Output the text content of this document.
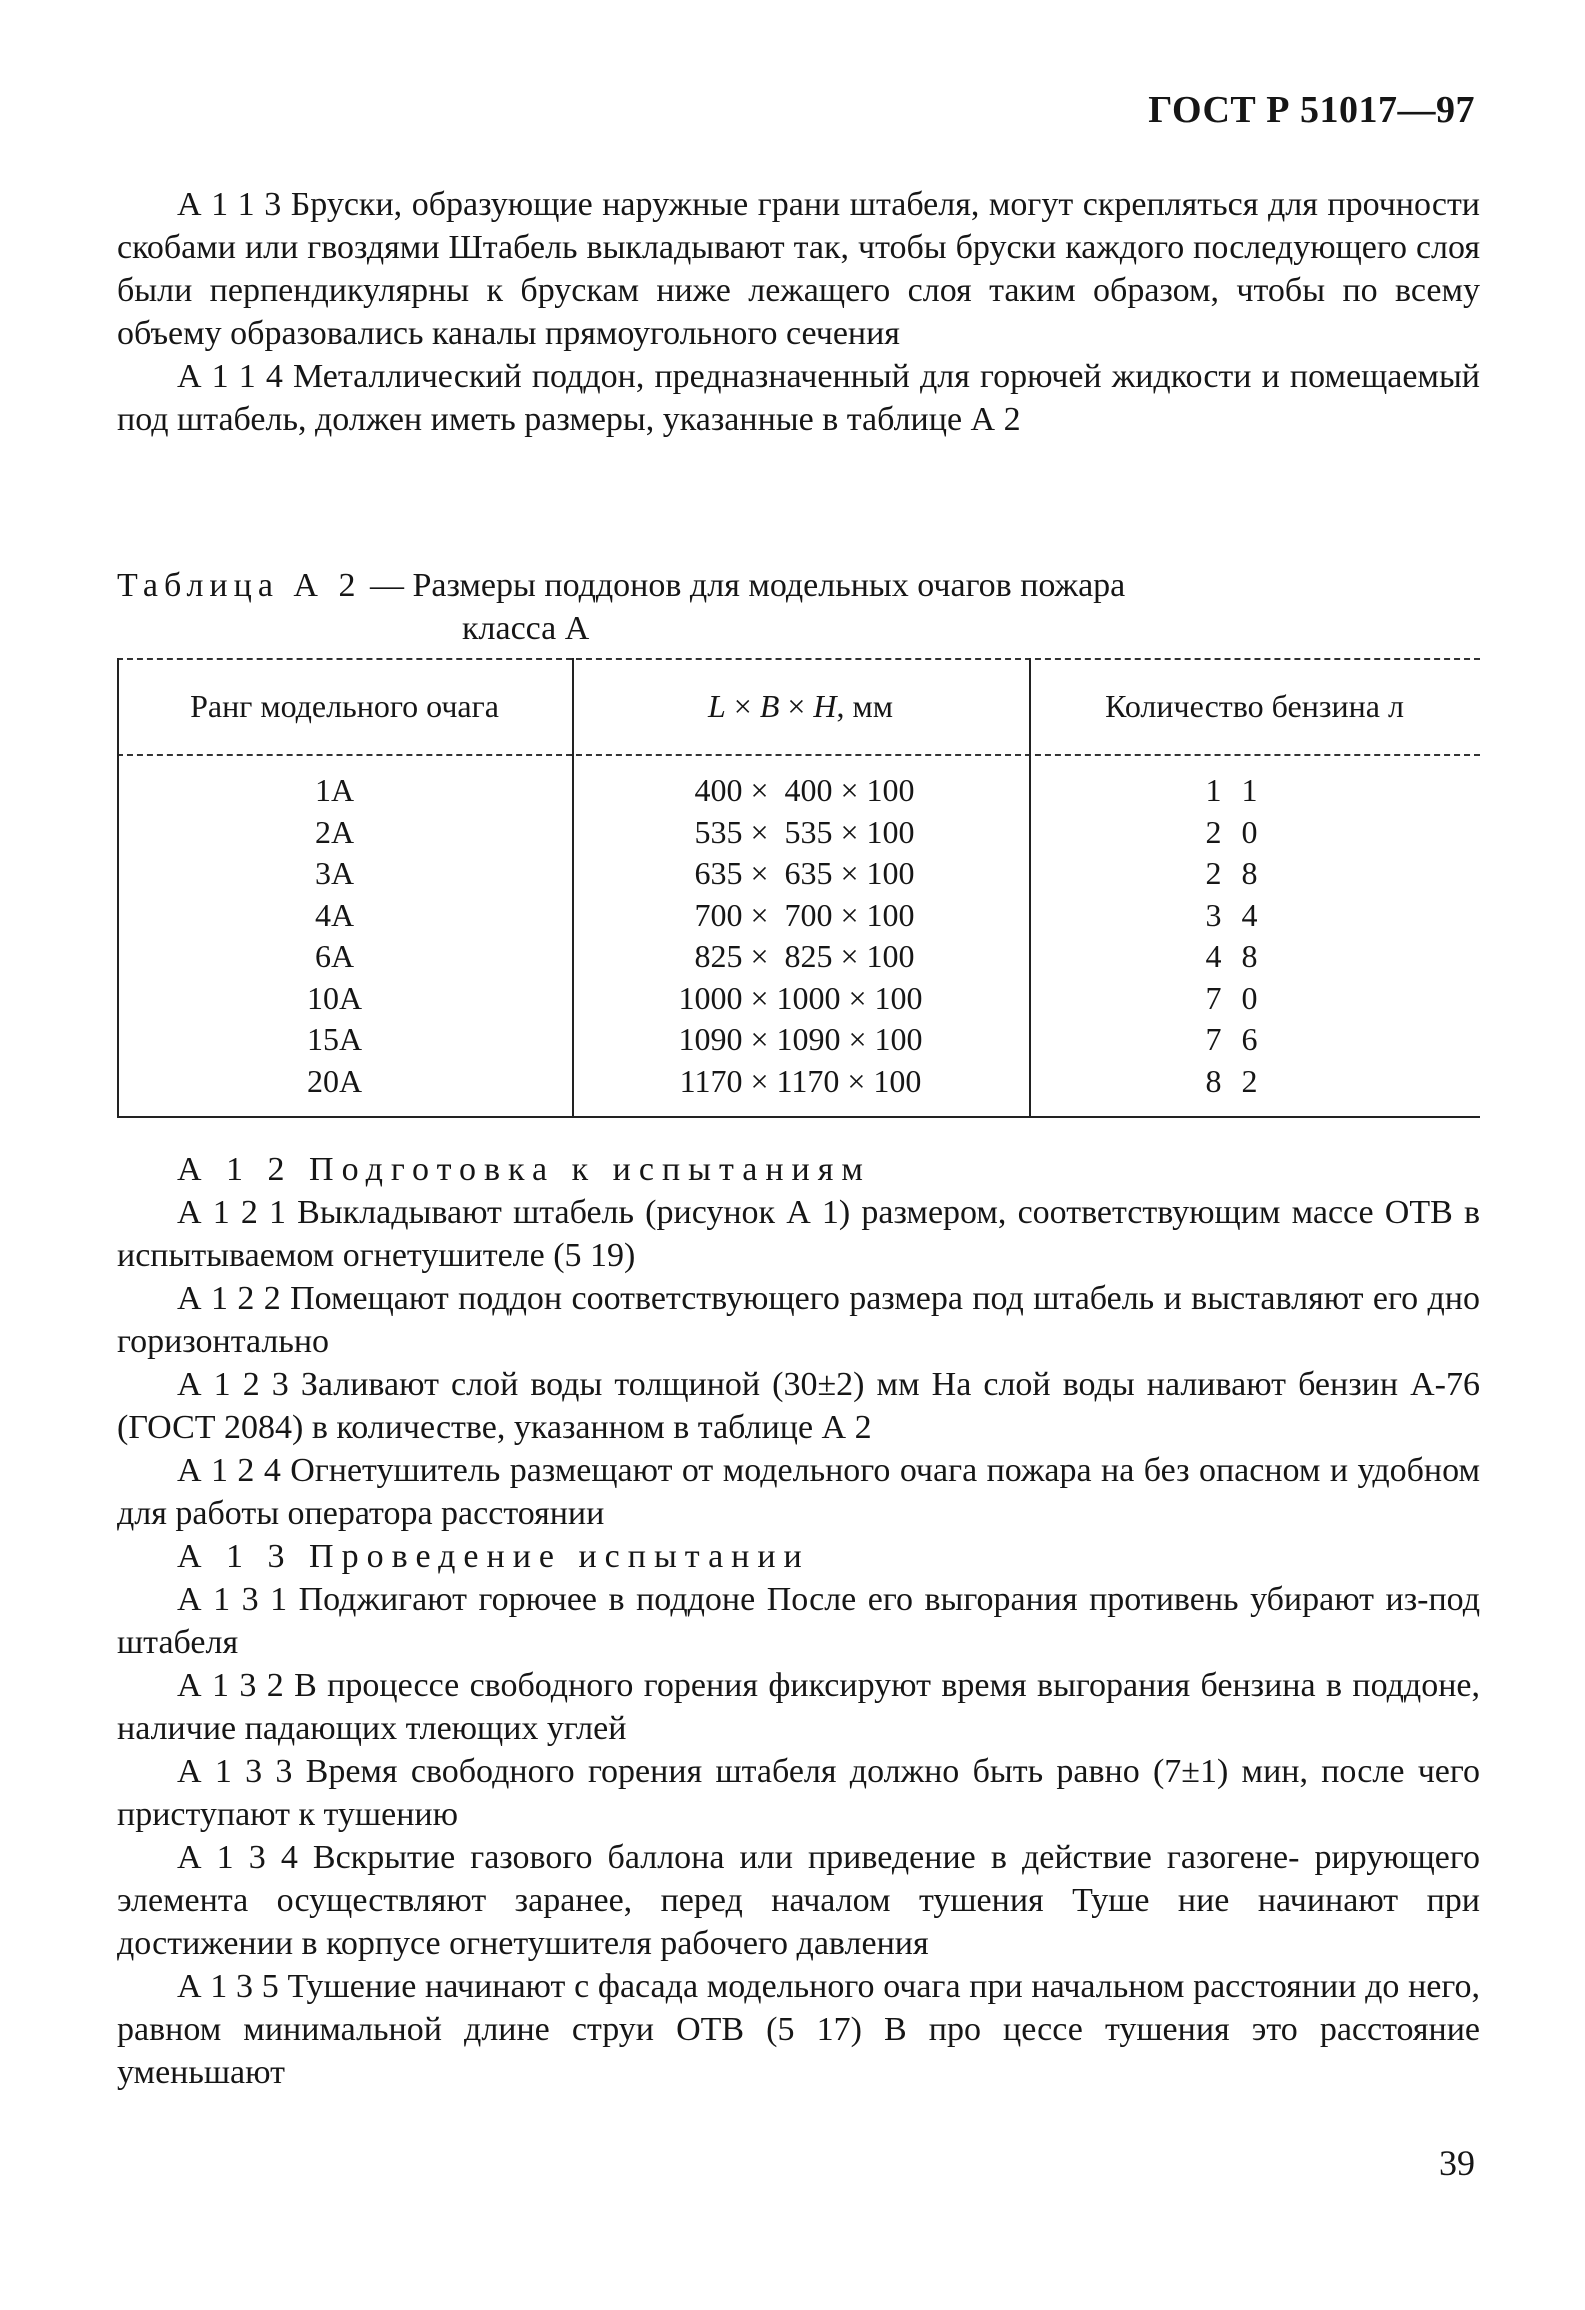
ГОСТ Р 51017—97

А 1 1 3 Бруски, образующие наружные грани штабеля, могут скрепляться для прочности скобами или гвоздями Штабель выкладывают так, чтобы бруски каждого последующего слоя были перпендикулярны к брускам ниже лежащего слоя таким образом, чтобы по всему объему образовались каналы прямоугольного сечения

А 1 1 4 Металлический поддон, предназначенный для горючей жидкости и помещаемый под штабель, должен иметь размеры, указанные в таблице А 2

Таблица А 2 — Размеры поддонов для модельных очагов пожара
класса А
Ранг модельного очага	L × B × H, мм	Количество бензина л
1А	400 ×  400 × 100	1 1
2А	535 ×  535 × 100	2 0
3А	635 ×  635 × 100	2 8
4А	700 ×  700 × 100	3 4
6А	825 ×  825 × 100	4 8
10А	1000 × 1000 × 100	7 0
15А	1090 × 1090 × 100	7 6
20А	1170 × 1170 × 100	8 2

А 1 2 Подготовка к испытаниям

А 1 2 1 Выкладывают штабель (рисунок А 1) размером, соответствующим массе ОТВ в испытываемом огнетушителе (5 19)

А 1 2 2 Помещают поддон соответствующего размера под штабель и выставляют его дно горизонтально

А 1 2 3 Заливают слой воды толщиной (30±2) мм На слой воды наливают бензин А-76 (ГОСТ 2084) в количестве, указанном в таблице А 2

А 1 2 4 Огнетушитель размещают от модельного очага пожара на без опасном и удобном для работы оператора расстоянии

А 1 3 Проведение испытании

А 1 3 1 Поджигают горючее в поддоне После его выгорания противень убирают из-под штабеля

А 1 3 2 В процессе свободного горения фиксируют время выгорания бензина в поддоне, наличие падающих тлеющих углей

А 1 3 3 Время свободного горения штабеля должно быть равно (7±1) мин, после чего приступают к тушению

А 1 3 4 Вскрытие газового баллона или приведение в действие газогене- рирующего элемента осуществляют заранее, перед началом тушения Туше ние начинают при достижении в корпусе огнетушителя рабочего давления

А 1 3 5 Тушение начинают с фасада модельного очага при начальном расстоянии до него, равном минимальной длине струи ОТВ (5 17) В про цессе тушения это расстояние уменьшают

39
